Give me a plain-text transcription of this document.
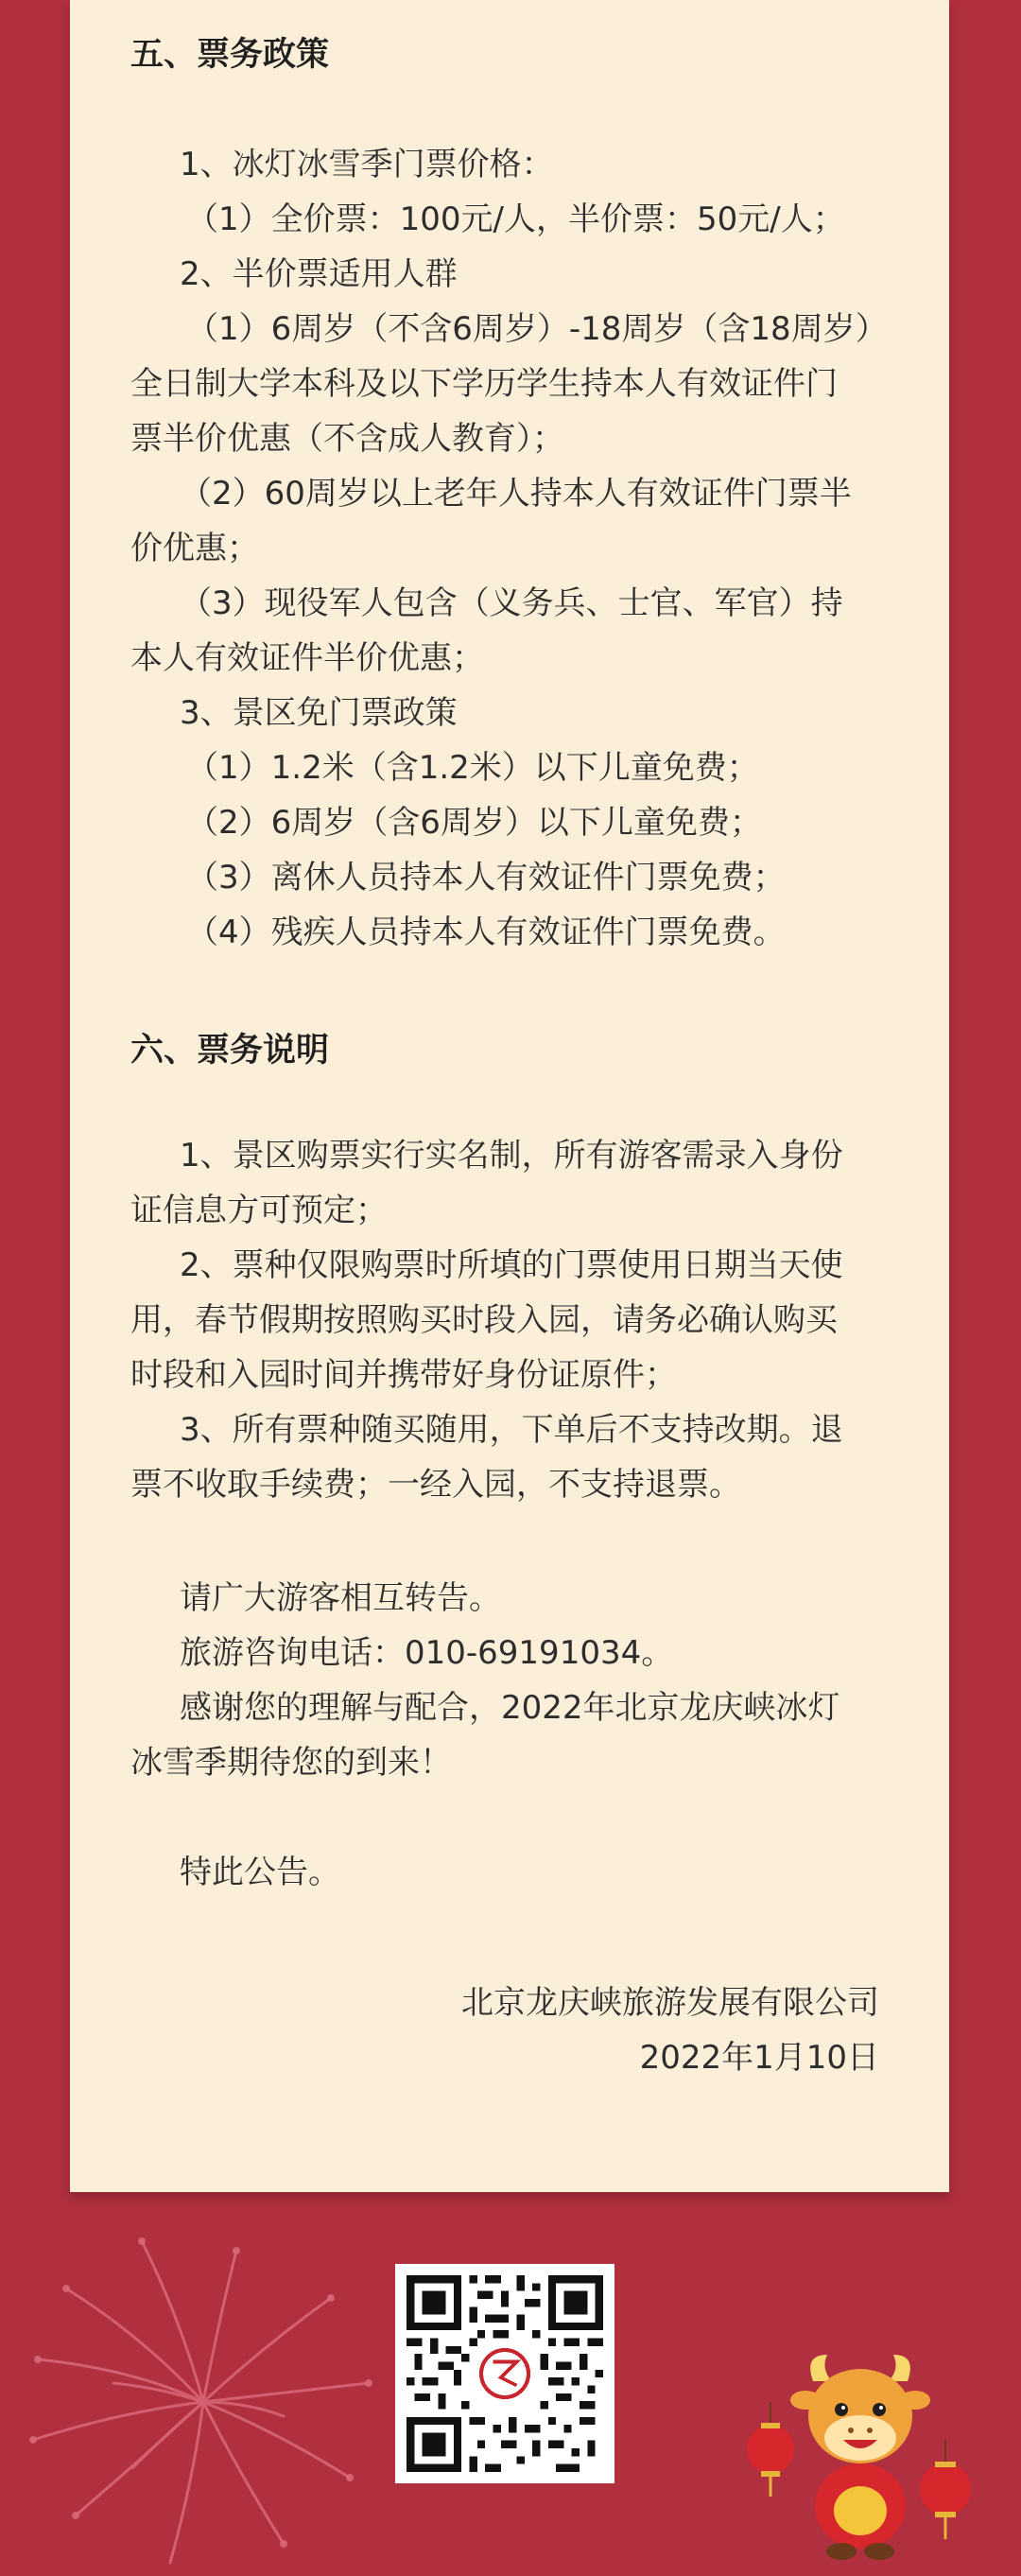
五、票务政策

1、冰灯冰雪季门票价格：

（1）全价票：100元/人，半价票：50元/人；

2、半价票适用人群

（1）6周岁（不含6周岁）-18周岁（含18周岁）

全日制大学本科及以下学历学生持本人有效证件门

票半价优惠（不含成人教育）；

（2）60周岁以上老年人持本人有效证件门票半

价优惠；

（3）现役军人包含（义务兵、士官、军官）持

本人有效证件半价优惠；

3、景区免门票政策

（1）1.2米（含1.2米）以下儿童免费；

（2）6周岁（含6周岁）以下儿童免费；

（3）离休人员持本人有效证件门票免费；

（4）残疾人员持本人有效证件门票免费。

六、票务说明

1、景区购票实行实名制，所有游客需录入身份

证信息方可预定；

2、票种仅限购票时所填的门票使用日期当天使

用，春节假期按照购买时段入园，请务必确认购买

时段和入园时间并携带好身份证原件；

3、所有票种随买随用，下单后不支持改期。退

票不收取手续费；一经入园，不支持退票。

请广大游客相互转告。

旅游咨询电话：010-69191034。

感谢您的理解与配合，2022年北京龙庆峡冰灯

冰雪季期待您的到来！

特此公告。

北京龙庆峡旅游发展有限公司

2022年1月10日
